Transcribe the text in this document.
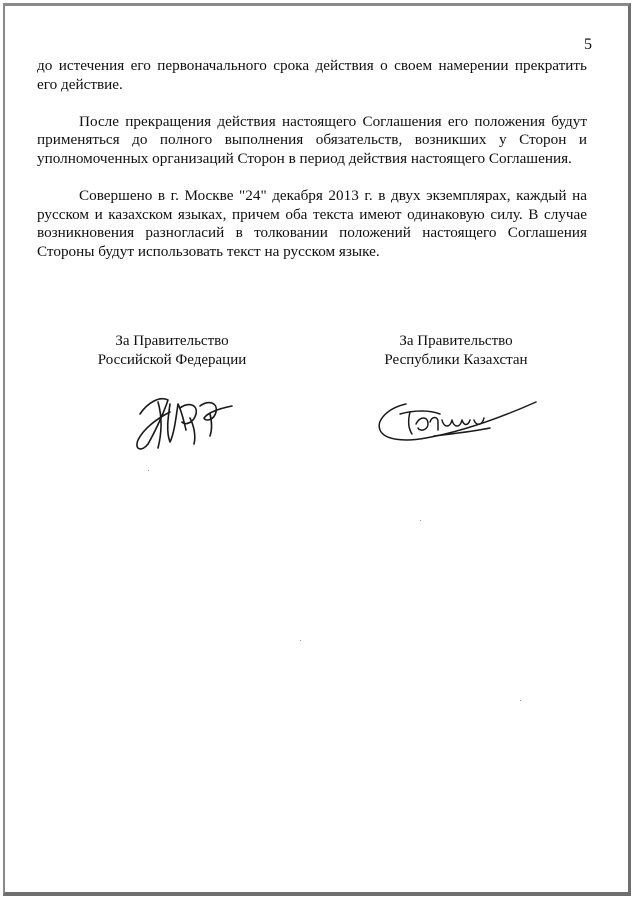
5

до истечения его первоначального срока действия о своем намерении прекратить его действие.

После прекращения действия настоящего Соглашения его положения будут применяться до полного выполнения обязательств, возникших у Сторон и уполномоченных организаций Сторон в период действия настоящего Соглашения.

Совершено в г. Москве "24" декабря 2013 г. в двух экземплярах, каждый на русском и казахском языках, причем оба текста имеют одинаковую силу. В случае возникновения разногласий в толковании положений настоящего Соглашения Стороны будут использовать текст на русском языке.

За Правительство
Российской Федерации
За Правительство
Республики Казахстан
